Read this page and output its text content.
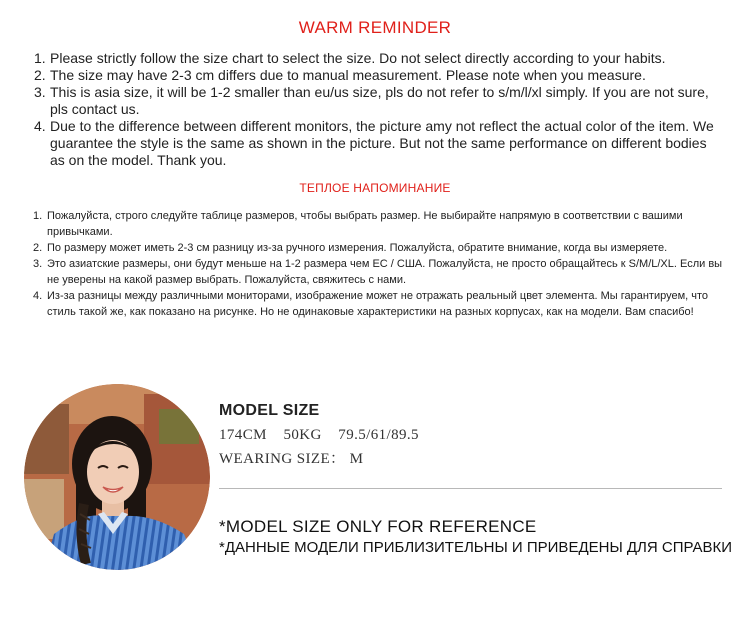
WARM REMINDER
1. Please strictly follow the size chart to select the size. Do not select directly according to your habits.
2. The size may have 2-3 cm differs due to manual measurement. Please note when you measure.
3. This is asia size, it will be 1-2 smaller than eu/us size, pls do not refer to s/m/l/xl simply. If you are not sure, pls contact us.
4. Due to the difference between different monitors, the picture amy not reflect the actual color of the item. We guarantee the style is the same as shown in the picture. But not the same performance on different bodies as on the model. Thank you.
ТЕПЛОЕ НАПОМИНАНИЕ
1. Пожалуйста, строго следуйте таблице размеров, чтобы выбрать размер. Не выбирайте напрямую в соответствии с вашими привычками.
2. По размеру может иметь 2-3 см разницу из-за ручного измерения. Пожалуйста, обратите внимание, когда вы измеряете.
3. Это азиатские размеры, они будут меньше на 1-2 размера чем ЕС / США. Пожалуйста, не просто обращайтесь к S/M/L/XL. Если вы не уверены на какой размер выбрать. Пожалуйста, свяжитесь с нами.
4. Из-за разницы между различными мониторами, изображение может не отражать реальный цвет элемента. Мы гарантируем, что стиль такой же, как показано на рисунке. Но не одинаковые характеристики на разных корпусах, как на модели. Вам спасибо!
MODEL SIZE
174CM    50KG    79.5/61/89.5
WEARING SIZE： M
*MODEL SIZE ONLY FOR REFERENCE
*ДАННЫЕ МОДЕЛИ ПРИБЛИЗИТЕЛЬНЫ И ПРИВЕДЕНЫ ДЛЯ СПРАВКИ
